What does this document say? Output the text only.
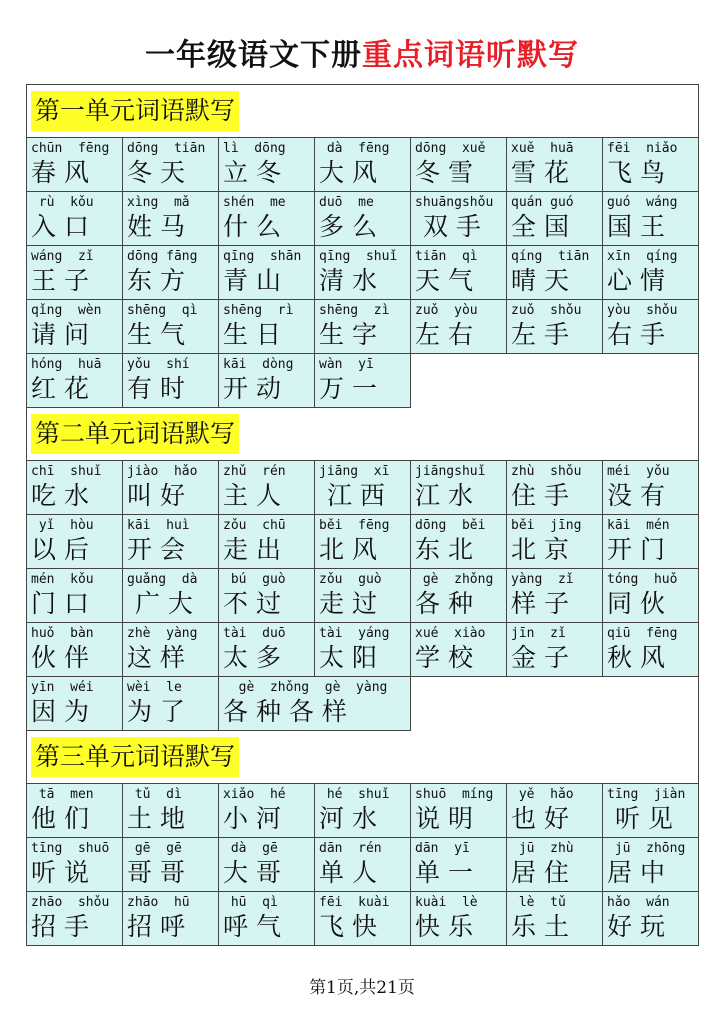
一年级语文下册重点词语听默写
第一单元词语默写
chūn  fēng
春 风
dōng  tiān
冬 天
lì  dōng
立 冬
dà  fēng
大 风
dōng  xuě
冬 雪
xuě  huā
雪 花
fēi  niǎo
飞 鸟
rù  kǒu
入 口
xìng  mǎ
姓 马
shén  me
什 么
duō  me
多 么
shuāngshǒu
双 手
quán guó
全 国
guó  wáng
国 王
wáng  zǐ
王 子
dōng fāng
东 方
qīng  shān
青 山
qīng  shuǐ
清 水
tiān  qì
天 气
qíng  tiān
晴 天
xīn  qíng
心 情
qǐng  wèn
请 问
shēng  qì
生 气
shēng  rì
生 日
shēng  zì
生 字
zuǒ  yòu
左 右
zuǒ  shǒu
左 手
yòu  shǒu
右 手
hóng  huā
红 花
yǒu  shí
有 时
kāi  dòng
开 动
wàn  yī
万 一
第二单元词语默写
chī  shuǐ
吃 水
jiào  hǎo
叫 好
zhǔ  rén
主 人
jiāng  xī
江 西
jiāngshuǐ
江 水
zhù  shǒu
住 手
méi  yǒu
没 有
yǐ  hòu
以 后
kāi  huì
开 会
zǒu  chū
走 出
běi  fēng
北 风
dōng  běi
东 北
běi  jīng
北 京
kāi  mén
开 门
mén  kǒu
门 口
guǎng  dà
广 大
bú  guò
不 过
zǒu  guò
走 过
gè  zhǒng
各 种
yàng  zǐ
样 子
tóng  huǒ
同 伙
huǒ  bàn
伙 伴
zhè  yàng
这 样
tài  duō
太 多
tài  yáng
太 阳
xué  xiào
学 校
jīn  zǐ
金 子
qiū  fēng
秋 风
yīn  wéi
因 为
wèi  le
为 了
gè  zhǒng  gè  yàng
各 种 各 样
第三单元词语默写
tā  men
他 们
tǔ  dì
土 地
xiǎo  hé
小 河
hé  shuǐ
河 水
shuō  míng
说 明
yě  hǎo
也 好
tīng  jiàn
听 见
tīng  shuō
听 说
gē  gē
哥 哥
dà  gē
大 哥
dān  rén
单 人
dān  yī
单 一
jū  zhù
居 住
jū  zhōng
居 中
zhāo  shǒu
招 手
zhāo  hū
招 呼
hū  qì
呼 气
fēi  kuài
飞 快
kuài  lè
快 乐
lè  tǔ
乐 土
hǎo  wán
好 玩
第1页,共21页
